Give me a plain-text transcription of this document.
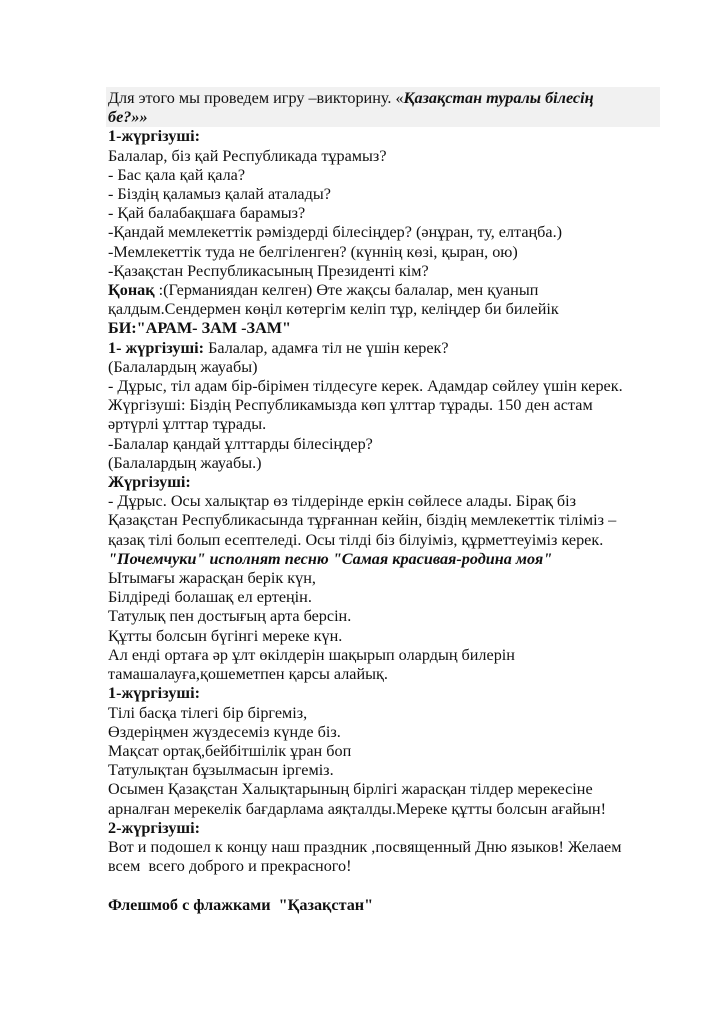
Для этого мы проведем игру –викторину. «Қазақстан туралы білесің

бе?»»

1-жүргізуші:

Балалар, біз қай Республикада тұрамыз?

- Бас қала қай қала?

- Біздің қаламыз қалай аталады?

- Қай балабақшаға барамыз?

-Қандай мемлекеттік рәміздерді білесіңдер? (әнұран, ту, елтаңба.)

-Мемлекеттік туда не белгіленген? (күннің көзі, қыран, ою)

-Қазақстан Республикасының Президенті кім?

Қонақ :(Германиядан келген) Өте жақсы балалар, мен қуанып

қалдым.Сендермен көңіл көтергім келіп тұр, келіңдер би билейік

БИ:"АРАМ- ЗАМ -ЗАМ"

1- жүргізуші: Балалар, адамға тіл не үшін керек?

(Балалардың жауабы)

- Дұрыс, тіл адам бір-бірімен тілдесуге керек. Адамдар сөйлеу үшін керек.

Жүргізуші: Біздің Республикамызда көп ұлттар тұрады. 150 ден астам

әртүрлі ұлттар тұрады.

-Балалар қандай ұлттарды білесіңдер?

(Балалардың жауабы.)

Жүргізуші:

- Дұрыс. Осы халықтар өз тілдерінде еркін сөйлесе алады. Бірақ біз

Қазақстан Республикасында тұрғаннан кейін, біздің мемлекеттік тіліміз –

қазақ тілі болып есептеледі. Осы тілді біз білуіміз, құрметтеуіміз керек.

"Почемчуки" исполнят песню "Самая красивая-родина моя"

Ытымағы жарасқан берік күн,

Білдіреді болашақ ел ертеңін.

Татулық пен достығың арта берсін.

Құтты болсын бүгінгі мереке күн.

Ал енді ортаға әр ұлт өкілдерін шақырып олардың билерін

тамашалауға,қошеметпен қарсы алайық.

1-жүргізуші:

Тілі басқа тілегі бір біргеміз,

Өздеріңмен жүздесеміз күнде біз.

Мақсат ортақ,бейбітшілік ұран боп

Татулықтан бұзылмасын іргеміз.

Осымен Қазақстан Халықтарының бірлігі жарасқан тілдер мерекесіне

арналған мерекелік бағдарлама аяқталды.Мереке құтты болсын ағайын!

2-жүргізуші:

Вот и подошел к концу наш праздник ,посвященный Дню языков! Желаем

всем  всего доброго и прекрасного!

Флешмоб с флажками  "Қазақстан"
